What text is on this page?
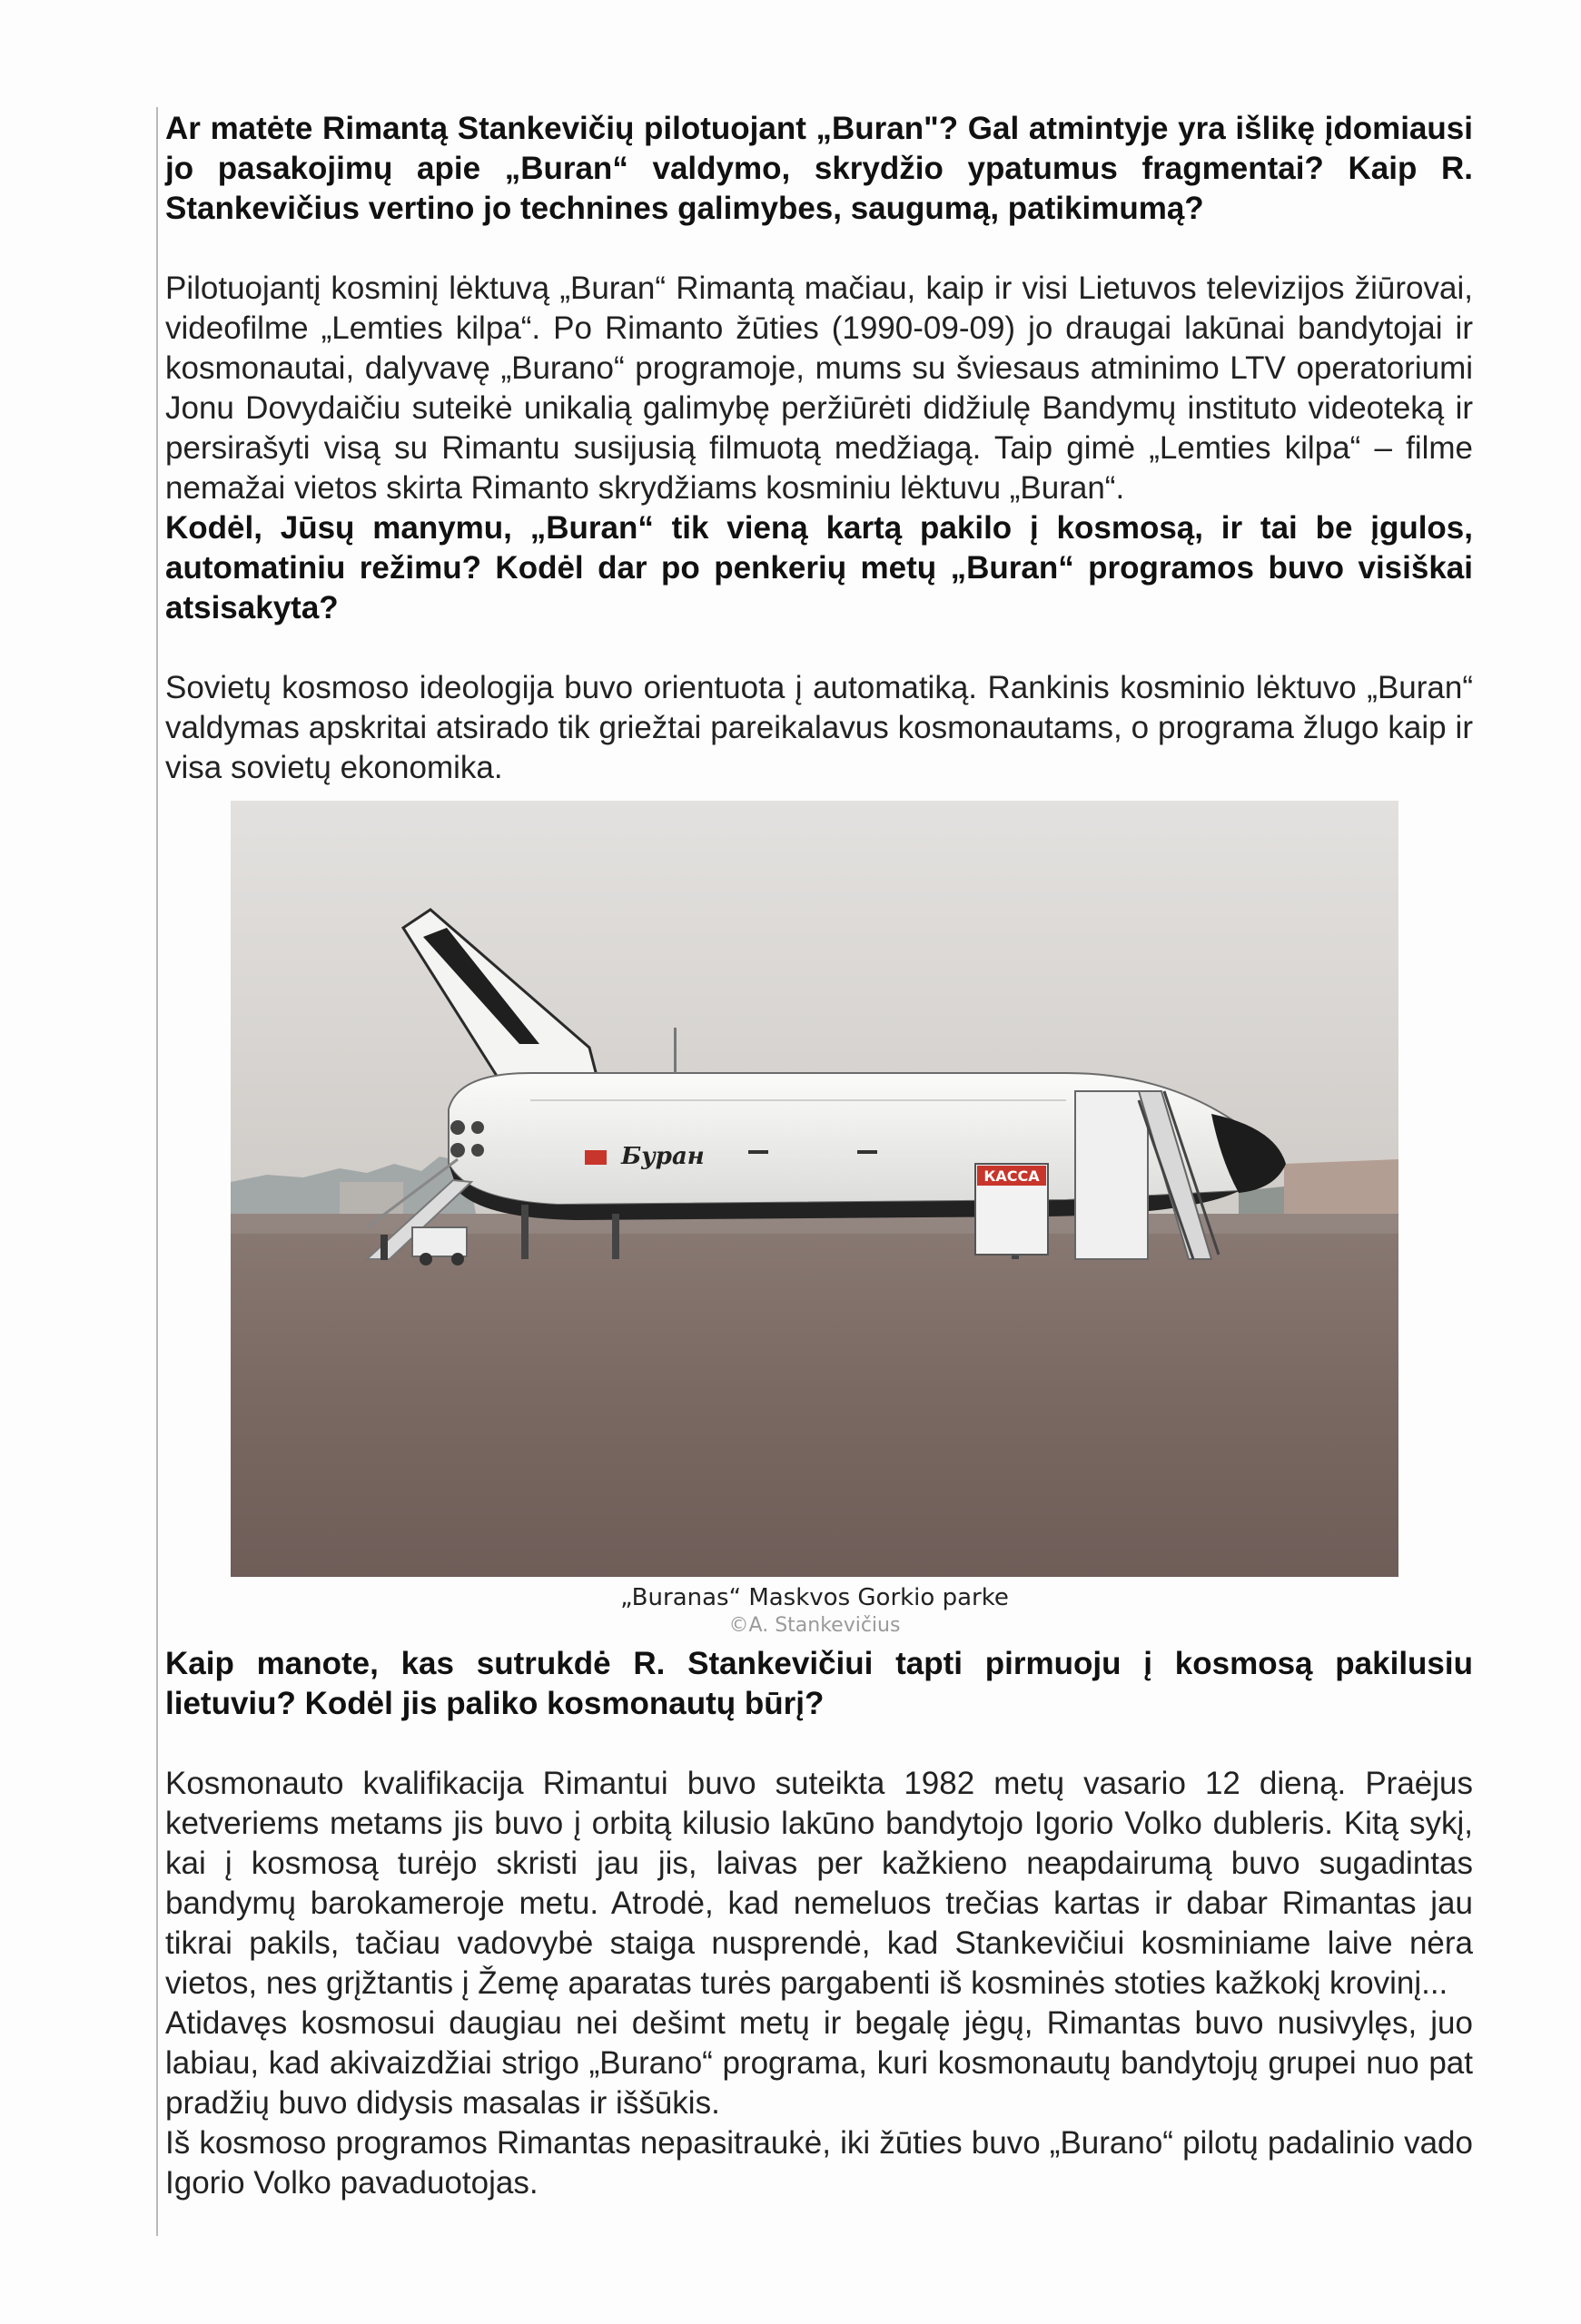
Ar matėte Rimantą Stankevičių pilotuojant „Buran"? Gal atmintyje yra išlikę įdomiausi jo pasakojimų apie „Buran“ valdymo, skrydžio ypatumus fragmentai? Kaip R. Stankevičius vertino jo technines galimybes, saugumą, patikimumą?

Pilotuojantį kosminį lėktuvą „Buran“ Rimantą mačiau, kaip ir visi Lietuvos televizijos žiūrovai, videofilme „Lemties kilpa“. Po Rimanto žūties (1990-09-09) jo draugai lakūnai bandytojai ir kosmonautai, dalyvavę „Burano“ programoje, mums su šviesaus atminimo LTV operatoriumi Jonu Dovydaičiu suteikė unikalią galimybę peržiūrėti didžiulę Bandymų instituto videoteką ir persirašyti visą su Rimantu susijusią filmuotą medžiagą. Taip gimė „Lemties kilpa“ – filme nemažai vietos skirta Rimanto skrydžiams kosminiu lėktuvu „Buran“.

Kodėl, Jūsų manymu, „Buran“ tik vieną kartą pakilo į kosmosą, ir tai be įgulos, automatiniu režimu? Kodėl dar po penkerių metų „Buran“ programos buvo visiškai atsisakyta?

Sovietų kosmoso ideologija buvo orientuota į automatiką. Rankinis kosminio lėktuvo „Buran“ valdymas apskritai atsirado tik griežtai pareikalavus kosmonautams, o programa žlugo kaip ir visa sovietų ekonomika.

Буран
КАССА
„Buranas“ Maskvos Gorkio parke
©A. Stankevičius

Kaip manote, kas sutrukdė R. Stankevičiui tapti pirmuoju į kosmosą pakilusiu lietuviu? Kodėl jis paliko kosmonautų būrį?

Kosmonauto kvalifikacija Rimantui buvo suteikta 1982 metų vasario 12 dieną. Praėjus ketveriems metams jis buvo į orbitą kilusio lakūno bandytojo Igorio Volko dubleris. Kitą sykį, kai į kosmosą turėjo skristi jau jis, laivas per kažkieno neapdairumą buvo sugadintas bandymų barokameroje metu. Atrodė, kad nemeluos trečias kartas ir dabar Rimantas jau tikrai pakils, tačiau vadovybė staiga nusprendė, kad Stankevičiui kosminiame laive nėra vietos, nes grįžtantis į Žemę aparatas turės pargabenti iš kosminės stoties kažkokį krovinį...

Atidavęs kosmosui daugiau nei dešimt metų ir begalę jėgų, Rimantas buvo nusivylęs, juo labiau, kad akivaizdžiai strigo „Burano“ programa, kuri kosmonautų bandytojų grupei nuo pat pradžių buvo didysis masalas ir iššūkis.

Iš kosmoso programos Rimantas nepasitraukė, iki žūties buvo „Burano“ pilotų padalinio vado Igorio Volko pavaduotojas.
